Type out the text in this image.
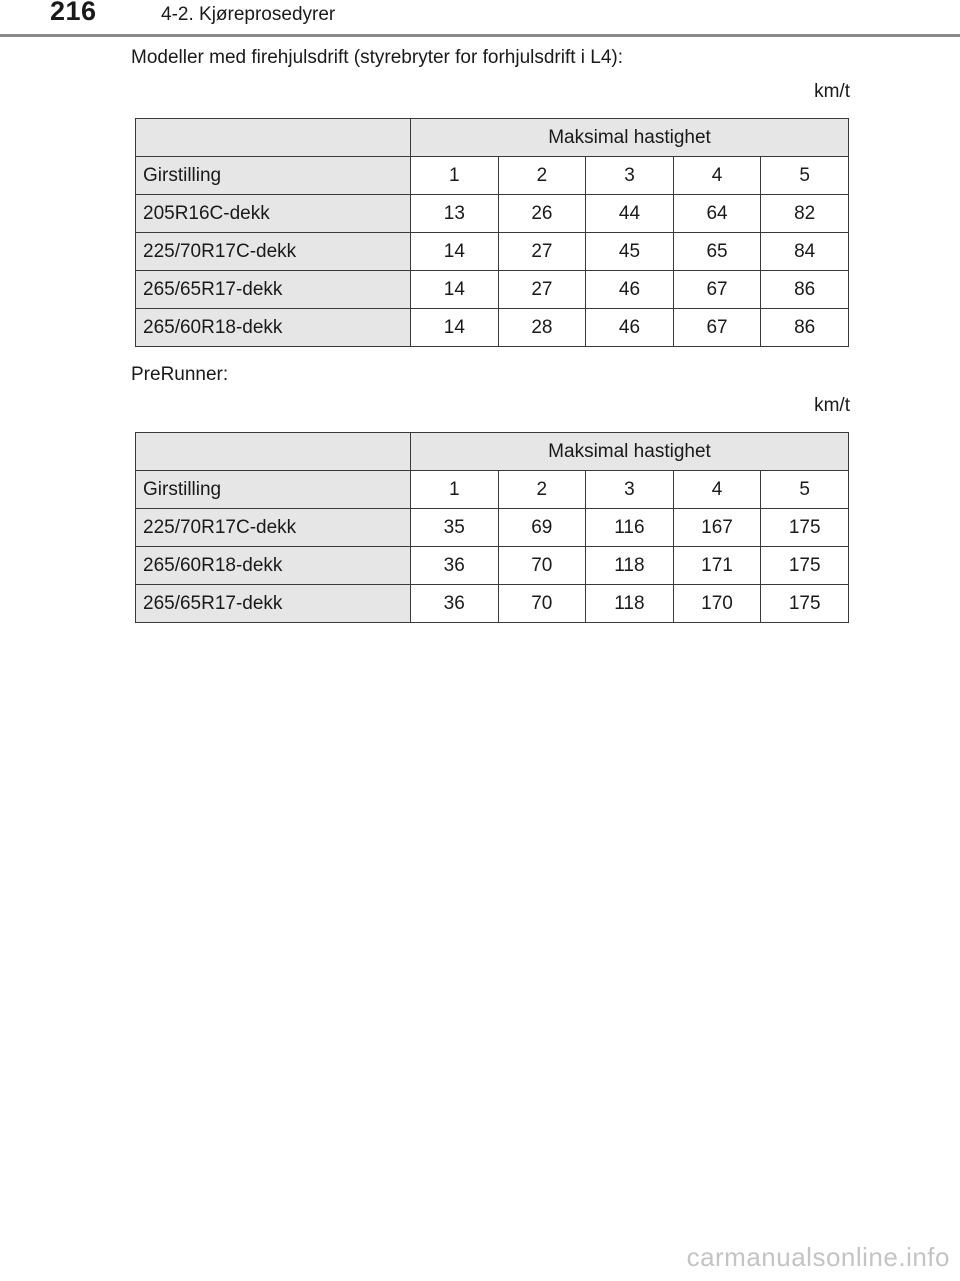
216	4-2. Kjøreprosedyrer
Modeller med firehjulsdrift (styrebryter for forhjulsdrift i L4):
km/t
	Maksimal hastighet				
Girstilling	1	2	3	4	5
205R16C-dekk	13	26	44	64	82
225/70R17C-dekk	14	27	45	65	84
265/65R17-dekk	14	27	46	67	86
265/60R18-dekk	14	28	46	67	86
PreRunner:
km/t
	Maksimal hastighet				
Girstilling	1	2	3	4	5
225/70R17C-dekk	35	69	116	167	175
265/60R18-dekk	36	70	118	171	175
265/65R17-dekk	36	70	118	170	175
carmanualsonline.info
